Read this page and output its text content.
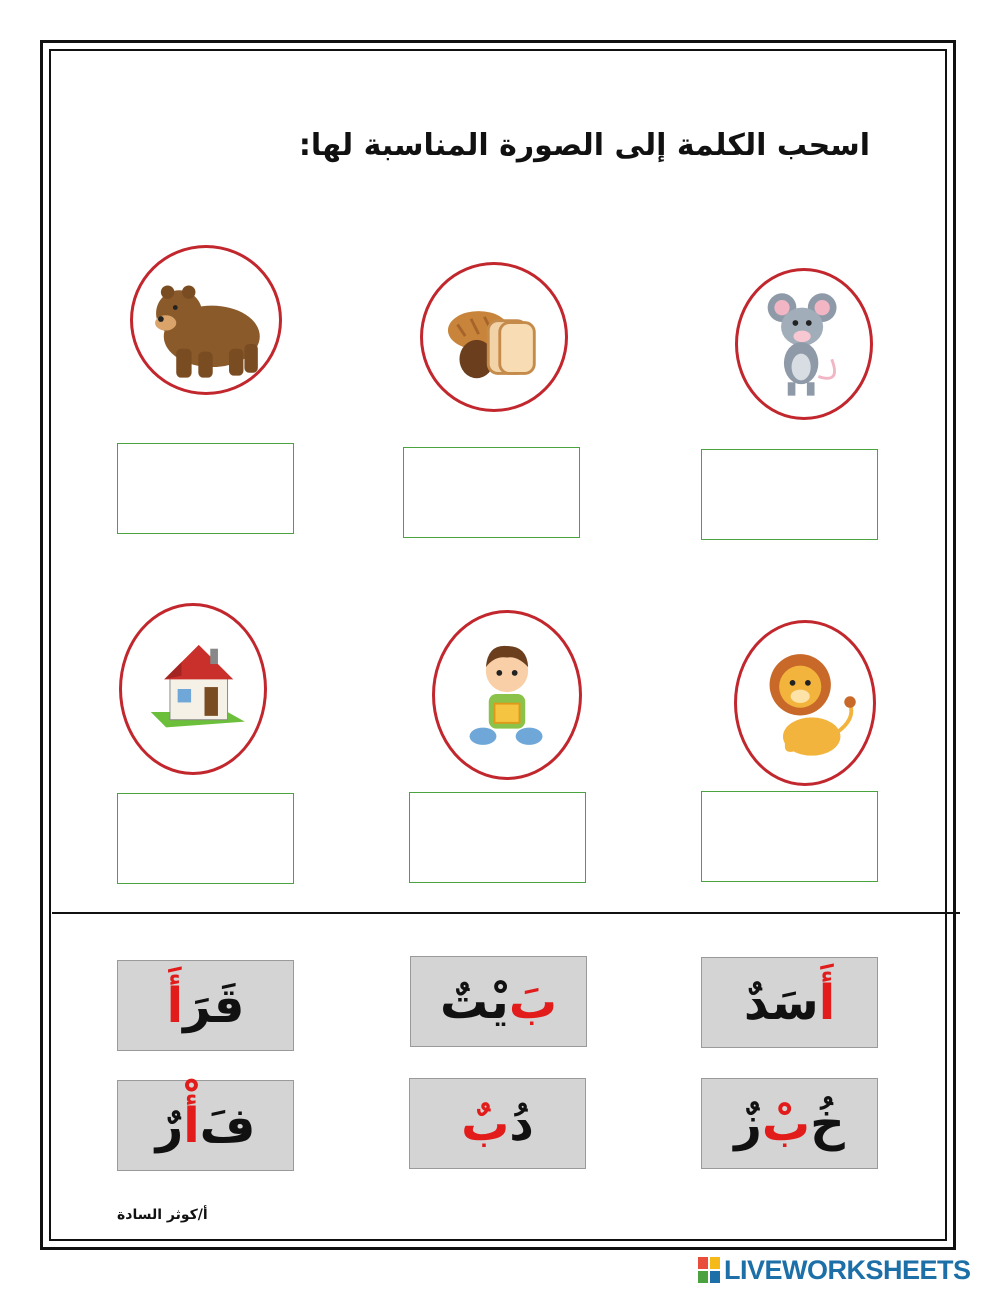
اسحب الكلمة إلى الصورة المناسبة لها:
قَرَ
أَ	بَ
يْتٌ	أَ
سَدٌ
فَ
أْ
رٌ	دُ
بٌ	خُ
بْ
زٌ
أ/كوثر السادة
LIVEWORKSHEETS
